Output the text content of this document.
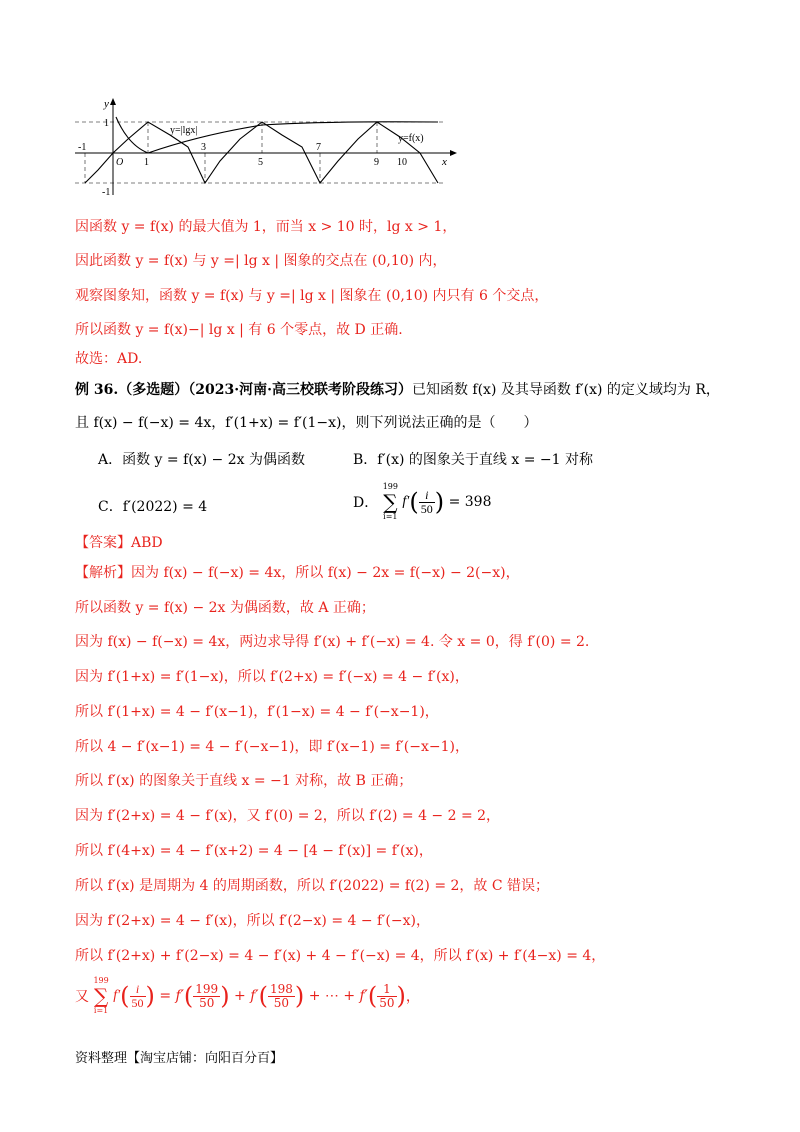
y
x
y=|lgx|
y=f(x)
1
-1
-1
O 1
3
5
7
9 10
因函数 y = f(x) 的最大值为 1，而当 x > 10 时，lg x > 1，
因此函数 y = f(x) 与 y =| lg x | 图象的交点在 (0,10) 内，
观察图象知，函数 y = f(x) 与 y =| lg x | 图象在 (0,10) 内只有 6 个交点，
所以函数 y = f(x)−| lg x | 有 6 个零点，故 D 正确.
故选：AD.
例 36.（多选题）（2023·河南·高三校联考阶段练习）已知函数 f(x) 及其导函数 f′(x) 的定义域均为 R，
且 f(x) − f(−x) = 4x，f′(1+x) = f′(1−x)，则下列说法正确的是（　　）
A．函数 y = f(x) − 2x 为偶函数	B．f′(x) 的图象关于直线 x = −1 对称
C．f′(2022) = 4	D．
199
∑
i=1
$f'( \frac{i}{50}$ ) = 398
【答案】ABD
【解析】因为 f(x) − f(−x) = 4x，所以 f(x) − 2x = f(−x) − 2(−x)，
所以函数 y = f(x) − 2x 为偶函数，故 A 正确；
因为 f(x) − f(−x) = 4x，两边求导得 f′(x) + f′(−x) = 4. 令 x = 0，得 f′(0) = 2.
因为 f′(1+x) = f′(1−x)，所以 f′(2+x) = f′(−x) = 4 − f′(x)，
所以 f′(1+x) = 4 − f′(x−1)，f′(1−x) = 4 − f′(−x−1)，
所以 4 − f′(x−1) = 4 − f′(−x−1)，即 f′(x−1) = f′(−x−1)，
所以 f′(x) 的图象关于直线 x = −1 对称，故 B 正确；
因为 f′(2+x) = 4 − f′(x)，又 f′(0) = 2，所以 f′(2) = 4 − 2 = 2，
所以 f′(4+x) = 4 − f′(x+2) = 4 − [4 − f′(x)] = f′(x)，
所以 f′(x) 是周期为 4 的周期函数，所以 f′(2022) = f(2) = 2，故 C 错误；
因为 f′(2+x) = 4 − f′(x)，所以 f′(2−x) = 4 − f′(−x)，
所以 f′(2+x) + f′(2−x) = 4 − f′(x) + 4 − f′(−x) = 4，所以 f′(x) + f′(4−x) = 4，
又
199
∑
i=1
$f'( \frac{i}{50}$ ) = $f'( \frac{199}{50}$ ) + $f'( \frac{198}{50}$ ) + ⋯ + $f'( \frac{1}{50}$ )，
资料整理【淘宝店铺：向阳百分百】
